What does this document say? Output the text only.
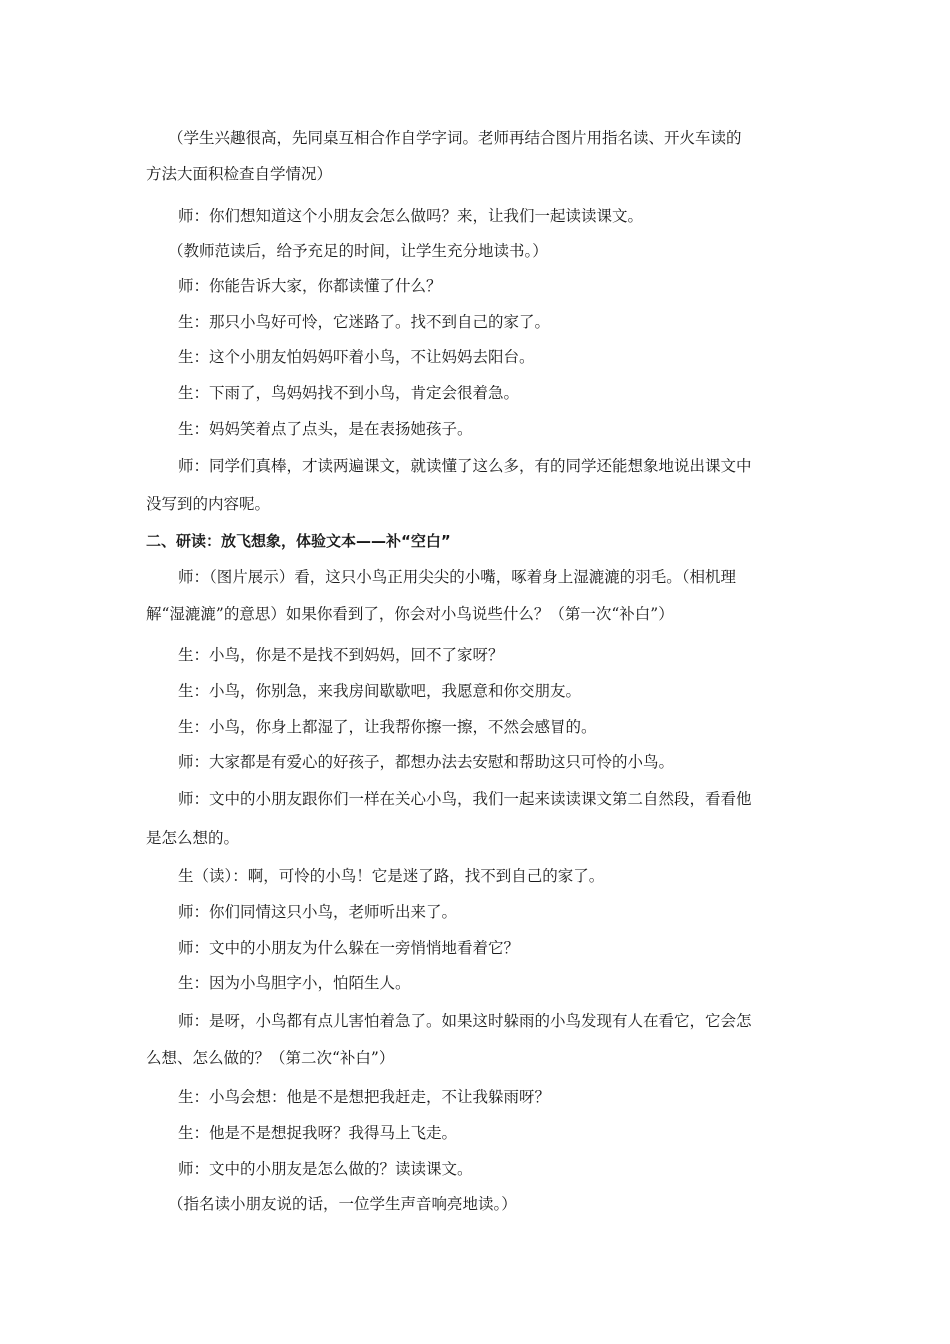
（学生兴趣很高，先同桌互相合作自学字词。老师再结合图片用指名读、开火车读的
方法大面积检查自学情况）
师：你们想知道这个小朋友会怎么做吗？来，让我们一起读读课文。
（教师范读后，给予充足的时间，让学生充分地读书。）
师：你能告诉大家，你都读懂了什么？
生：那只小鸟好可怜，它迷路了。找不到自己的家了。
生：这个小朋友怕妈妈吓着小鸟，不让妈妈去阳台。
生：下雨了，鸟妈妈找不到小鸟，肯定会很着急。
生：妈妈笑着点了点头，是在表扬她孩子。
师：同学们真棒，才读两遍课文，就读懂了这么多，有的同学还能想象地说出课文中
没写到的内容呢。
二、研读：放飞想象，体验文本——补“空白”
师：（图片展示）看，这只小鸟正用尖尖的小嘴，啄着身上湿漉漉的羽毛。（相机理
解“湿漉漉”的意思）如果你看到了，你会对小鸟说些什么？（第一次“补白”）
生：小鸟，你是不是找不到妈妈，回不了家呀？
生：小鸟，你别急，来我房间歇歇吧，我愿意和你交朋友。
生：小鸟，你身上都湿了，让我帮你擦一擦，不然会感冒的。
师：大家都是有爱心的好孩子，都想办法去安慰和帮助这只可怜的小鸟。
师：文中的小朋友跟你们一样在关心小鸟，我们一起来读读课文第二自然段，看看他
是怎么想的。
生（读）：啊，可怜的小鸟！它是迷了路，找不到自己的家了。
师：你们同情这只小鸟，老师听出来了。
师：文中的小朋友为什么躲在一旁悄悄地看着它？
生：因为小鸟胆字小，怕陌生人。
师：是呀，小鸟都有点儿害怕着急了。如果这时躲雨的小鸟发现有人在看它，它会怎
么想、怎么做的？（第二次“补白”）
生：小鸟会想：他是不是想把我赶走，不让我躲雨呀？
生：他是不是想捉我呀？我得马上飞走。
师：文中的小朋友是怎么做的？读读课文。
（指名读小朋友说的话，一位学生声音响亮地读。）
